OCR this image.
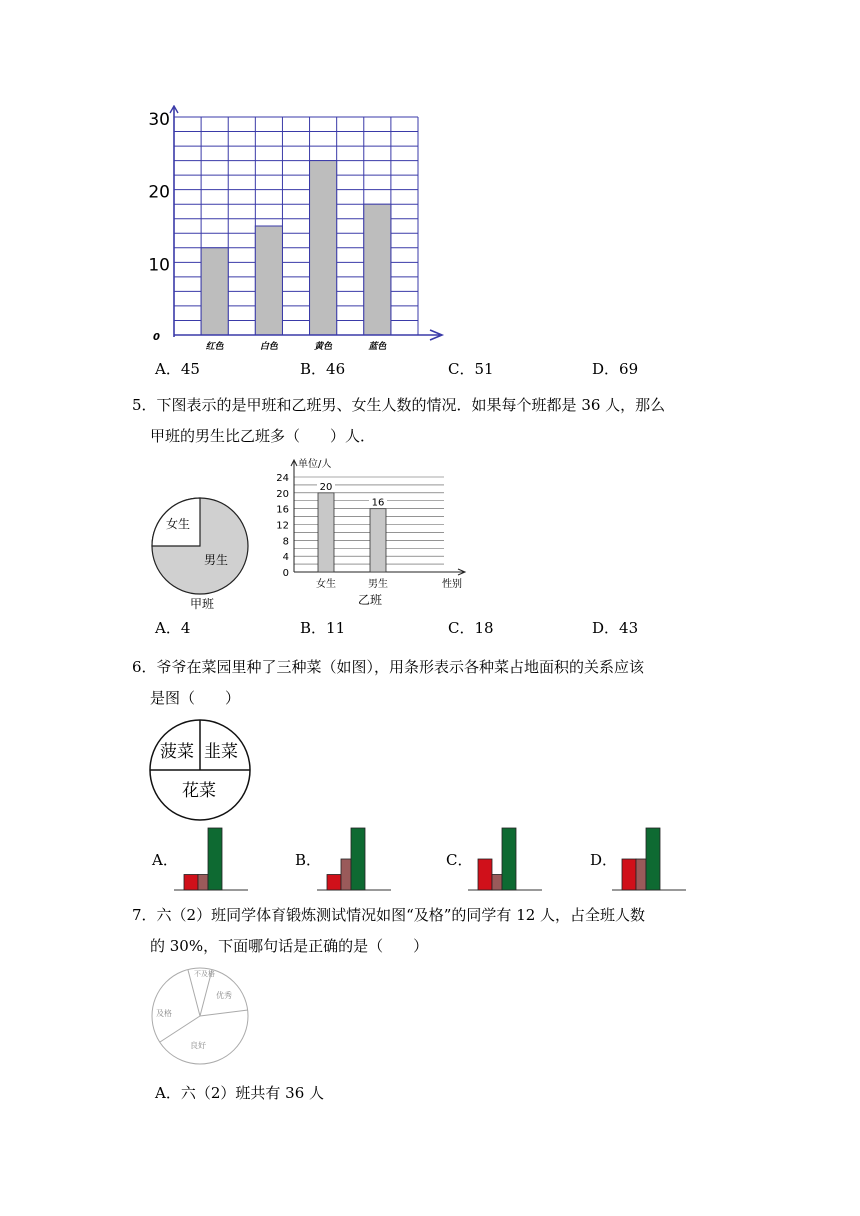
红色	白色	黄色	蓝色
0
10
20
30
A．45	B．46	C．51	D．69
5．下图表示的是甲班和乙班男、女生人数的情况．如果每个班都是 36 人，那么
甲班的男生比乙班多（　　）人．
女生
男生
甲班
0
4
8
12
16
20
24
单位/人
20
女生
16
男生	性别
乙班
A．4	B．11	C．18	D．43
6．爷爷在菜园里种了三种菜（如图），用条形表示各种菜占地面积的关系应该
是图（　　）
菠菜 韭菜
花菜
A．	B．	C．	D．
7．六（2）班同学体育锻炼测试情况如图“及格”的同学有 12 人，占全班人数
的 30%，下面哪句话是正确的是（　　）
不及格
优秀
及格
良好
A．六（2）班共有 36 人
